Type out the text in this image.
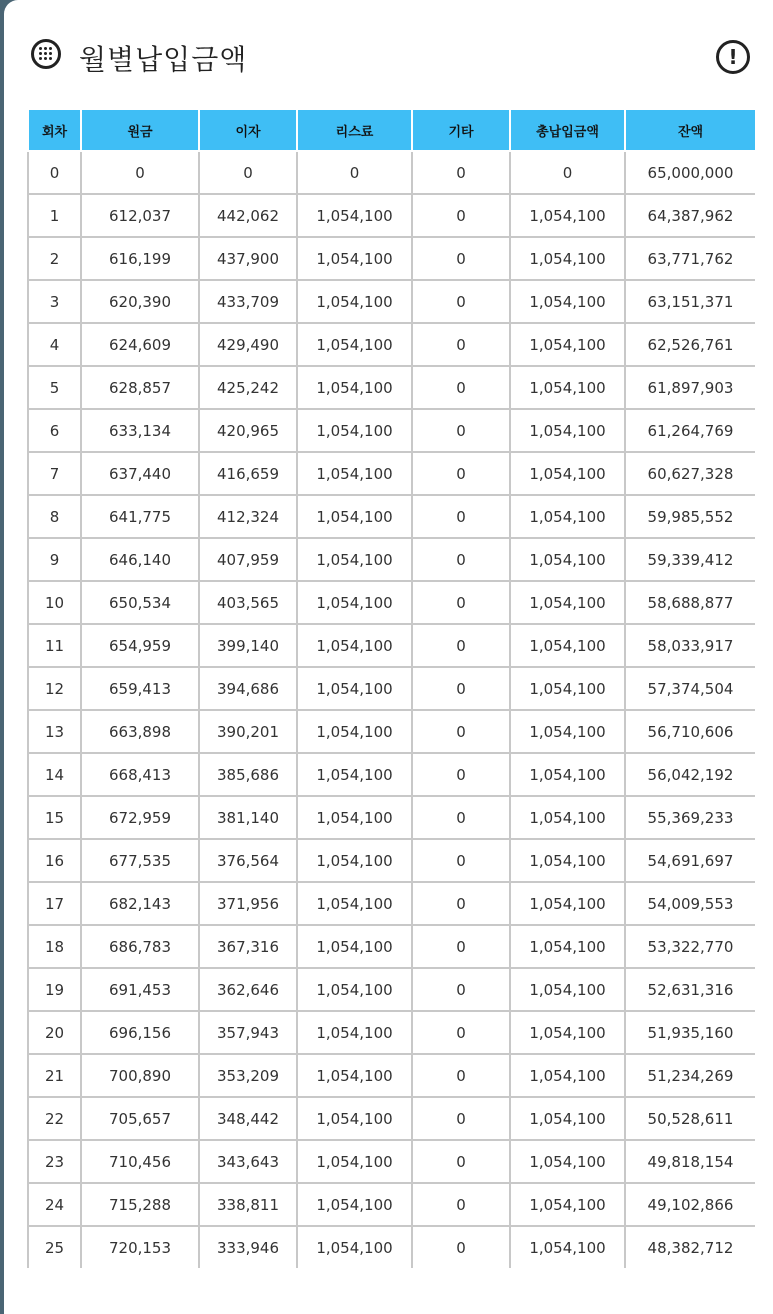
월별납입금액	!
회차	원금	이자	리스료	기타	총납입금액	잔액
0	0	0	0	0	0	65,000,000
1	612,037	442,062	1,054,100	0	1,054,100	64,387,962
2	616,199	437,900	1,054,100	0	1,054,100	63,771,762
3	620,390	433,709	1,054,100	0	1,054,100	63,151,371
4	624,609	429,490	1,054,100	0	1,054,100	62,526,761
5	628,857	425,242	1,054,100	0	1,054,100	61,897,903
6	633,134	420,965	1,054,100	0	1,054,100	61,264,769
7	637,440	416,659	1,054,100	0	1,054,100	60,627,328
8	641,775	412,324	1,054,100	0	1,054,100	59,985,552
9	646,140	407,959	1,054,100	0	1,054,100	59,339,412
10	650,534	403,565	1,054,100	0	1,054,100	58,688,877
11	654,959	399,140	1,054,100	0	1,054,100	58,033,917
12	659,413	394,686	1,054,100	0	1,054,100	57,374,504
13	663,898	390,201	1,054,100	0	1,054,100	56,710,606
14	668,413	385,686	1,054,100	0	1,054,100	56,042,192
15	672,959	381,140	1,054,100	0	1,054,100	55,369,233
16	677,535	376,564	1,054,100	0	1,054,100	54,691,697
17	682,143	371,956	1,054,100	0	1,054,100	54,009,553
18	686,783	367,316	1,054,100	0	1,054,100	53,322,770
19	691,453	362,646	1,054,100	0	1,054,100	52,631,316
20	696,156	357,943	1,054,100	0	1,054,100	51,935,160
21	700,890	353,209	1,054,100	0	1,054,100	51,234,269
22	705,657	348,442	1,054,100	0	1,054,100	50,528,611
23	710,456	343,643	1,054,100	0	1,054,100	49,818,154
24	715,288	338,811	1,054,100	0	1,054,100	49,102,866
25	720,153	333,946	1,054,100	0	1,054,100	48,382,712
